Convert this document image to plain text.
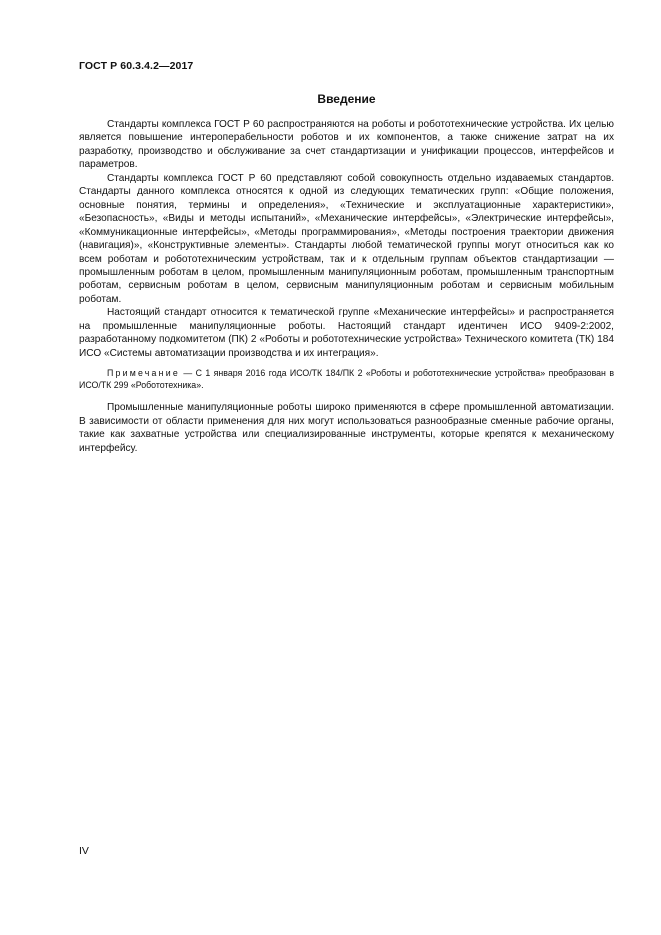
ГОСТ Р 60.3.4.2—2017
Введение

Стандарты комплекса ГОСТ Р 60 распространяются на роботы и робототехнические устройства. Их целью является повышение интероперабельности роботов и их компонентов, а также снижение затрат на их разработку, производство и обслуживание за счет стандартизации и унификации процессов, интерфейсов и параметров.

Стандарты комплекса ГОСТ Р 60 представляют собой совокупность отдельно издаваемых стандартов. Стандарты данного комплекса относятся к одной из следующих тематических групп: «Общие положения, основные понятия, термины и определения», «Технические и эксплуатационные характеристики», «Безопасность», «Виды и методы испытаний», «Механические интерфейсы», «Электрические интерфейсы», «Коммуникационные интерфейсы», «Методы программирования», «Методы построения траектории движения (навигация)», «Конструктивные элементы». Стандарты любой тематической группы могут относиться как ко всем роботам и робототехническим устройствам, так и к отдельным группам объектов стандартизации — промышленным роботам в целом, промышленным манипуляционным роботам, промышленным транспортным роботам, сервисным роботам в целом, сервисным манипуляционным роботам и сервисным мобильным роботам.

Настоящий стандарт относится к тематической группе «Механические интерфейсы» и распространяется на промышленные манипуляционные роботы. Настоящий стандарт идентичен ИСО 9409-2:2002, разработанному подкомитетом (ПК) 2 «Роботы и робототехнические устройства» Технического комитета (ТК) 184 ИСО «Системы автоматизации производства и их интеграция».

Примечание — С 1 января 2016 года ИСО/ТК 184/ПК 2 «Роботы и робототехнические устройства» преобразован в ИСО/ТК 299 «Робототехника».

Промышленные манипуляционные роботы широко применяются в сфере промышленной автоматизации. В зависимости от области применения для них могут использоваться разнообразные сменные рабочие органы, такие как захватные устройства или специализированные инструменты, которые крепятся к механическому интерфейсу.

IV
